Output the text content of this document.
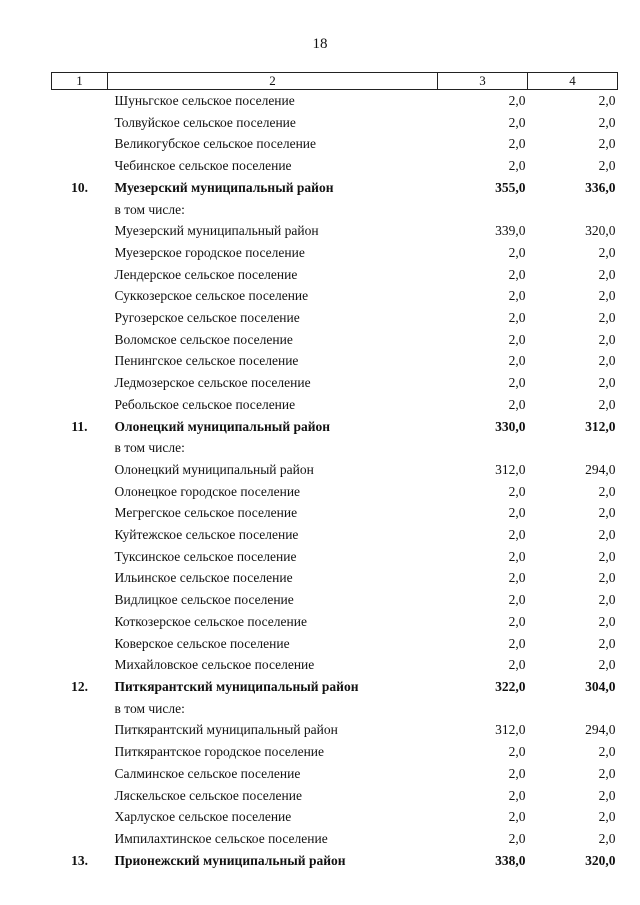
18
1	2	3	4
	Шуньгское сельское поселение	2,0	2,0
	Толвуйское сельское поселение	2,0	2,0
	Великогубское сельское поселение	2,0	2,0
	Чебинское сельское поселение	2,0	2,0
10.	Муезерский муниципальный район	355,0	336,0
	в том числе:		
	Муезерский муниципальный район	339,0	320,0
	Муезерское городское поселение	2,0	2,0
	Лендерское сельское поселение	2,0	2,0
	Суккозерское сельское поселение	2,0	2,0
	Ругозерское сельское поселение	2,0	2,0
	Воломское сельское поселение	2,0	2,0
	Пенингское сельское поселение	2,0	2,0
	Ледмозерское сельское поселение	2,0	2,0
	Ребольское сельское поселение	2,0	2,0
11.	Олонецкий муниципальный район	330,0	312,0
	в том числе:		
	Олонецкий муниципальный район	312,0	294,0
	Олонецкое городское поселение	2,0	2,0
	Мегрегское сельское поселение	2,0	2,0
	Куйтежское сельское поселение	2,0	2,0
	Туксинское сельское поселение	2,0	2,0
	Ильинское сельское поселение	2,0	2,0
	Видлицкое сельское поселение	2,0	2,0
	Коткозерское сельское поселение	2,0	2,0
	Коверское сельское поселение	2,0	2,0
	Михайловское сельское поселение	2,0	2,0
12.	Питкярантский муниципальный район	322,0	304,0
	в том числе:		
	Питкярантский муниципальный район	312,0	294,0
	Питкярантское городское поселение	2,0	2,0
	Салминское сельское поселение	2,0	2,0
	Ляскельское сельское поселение	2,0	2,0
	Харлуское сельское поселение	2,0	2,0
	Импилахтинское сельское поселение	2,0	2,0
13.	Прионежский муниципальный район	338,0	320,0
